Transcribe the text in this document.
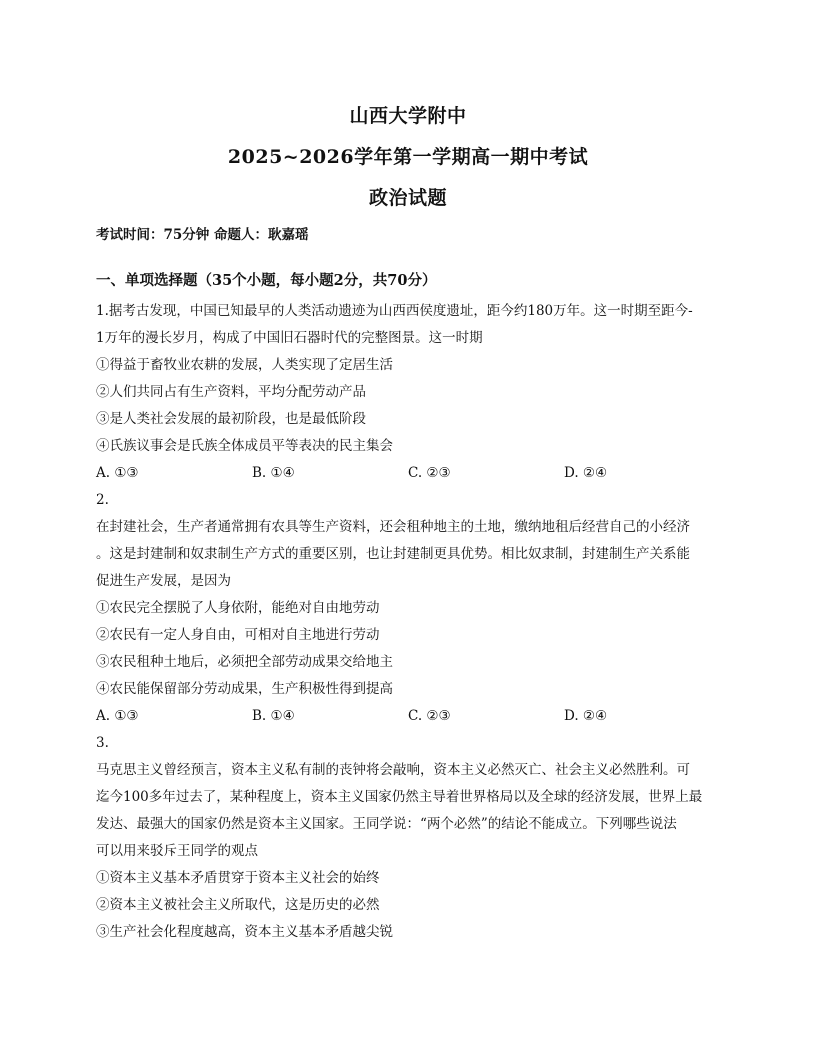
山西大学附中
2025~2026学年第一学期高一期中考试
政治试题
考试时间：75分钟 命题人：耿嘉瑶
一、单项选择题（35个小题，每小题2分，共70分）
1.据考古发现，中国已知最早的人类活动遗迹为山西西侯度遗址，距今约180万年。这一时期至距今-
1万年的漫长岁月，构成了中国旧石器时代的完整图景。这一时期
①得益于畜牧业农耕的发展，人类实现了定居生活
②人们共同占有生产资料，平均分配劳动产品
③是人类社会发展的最初阶段，也是最低阶段
④氏族议事会是氏族全体成员平等表决的民主集会
A. ①③	B. ①④	C. ②③	D. ②④
2.
在封建社会，生产者通常拥有农具等生产资料，还会租种地主的土地，缴纳地租后经营自己的小经济
。这是封建制和奴隶制生产方式的重要区别，也让封建制更具优势。相比奴隶制，封建制生产关系能
促进生产发展，是因为
①农民完全摆脱了人身依附，能绝对自由地劳动
②农民有一定人身自由，可相对自主地进行劳动
③农民租种土地后，必须把全部劳动成果交给地主
④农民能保留部分劳动成果，生产积极性得到提高
A. ①③	B. ①④	C. ②③	D. ②④
3.
马克思主义曾经预言，资本主义私有制的丧钟将会敲响，资本主义必然灭亡、社会主义必然胜利。可
迄今100多年过去了，某种程度上，资本主义国家仍然主导着世界格局以及全球的经济发展，世界上最
发达、最强大的国家仍然是资本主义国家。王同学说：“两个必然”的结论不能成立。下列哪些说法
可以用来驳斥王同学的观点
①资本主义基本矛盾贯穿于资本主义社会的始终
②资本主义被社会主义所取代，这是历史的必然
③生产社会化程度越高，资本主义基本矛盾越尖锐
